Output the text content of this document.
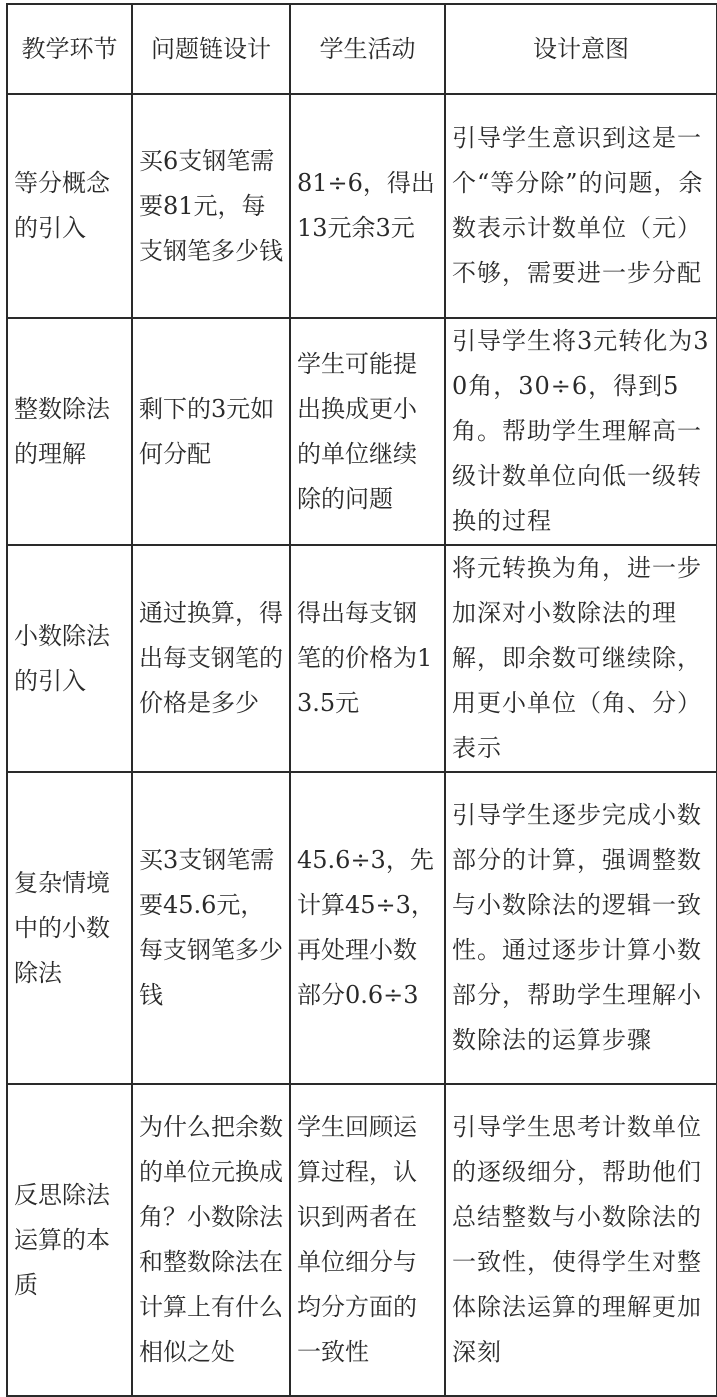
教学环节	问题链设计	学生活动	设计意图
等分概念的引入	买6支钢笔需要81元，每支钢笔多少钱	81÷6，得出13元余3元	引导学生意识到这是一个“等分除”的问题，余数表示计数单位（元）不够，需要进一步分配
整数除法的理解	剩下的3元如何分配	学生可能提出换成更小的单位继续除的问题	引导学生将3元转化为30角，30÷6，得到5角。帮助学生理解高一级计数单位向低一级转换的过程
小数除法的引入	通过换算，得出每支钢笔的价格是多少	得出每支钢笔的价格为13.5元	将元转换为角，进一步加深对小数除法的理解，即余数可继续除，用更小单位（角、分）表示
复杂情境中的小数除法	买3支钢笔需要45.6元，每支钢笔多少钱	45.6÷3，先计算45÷3，再处理小数部分0.6÷3	引导学生逐步完成小数部分的计算，强调整数与小数除法的逻辑一致性。通过逐步计算小数部分，帮助学生理解小数除法的运算步骤
反思除法运算的本质	为什么把余数的单位元换成角？小数除法和整数除法在计算上有什么相似之处	学生回顾运算过程，认识到两者在单位细分与均分方面的一致性	引导学生思考计数单位的逐级细分，帮助他们总结整数与小数除法的一致性，使得学生对整体除法运算的理解更加深刻
